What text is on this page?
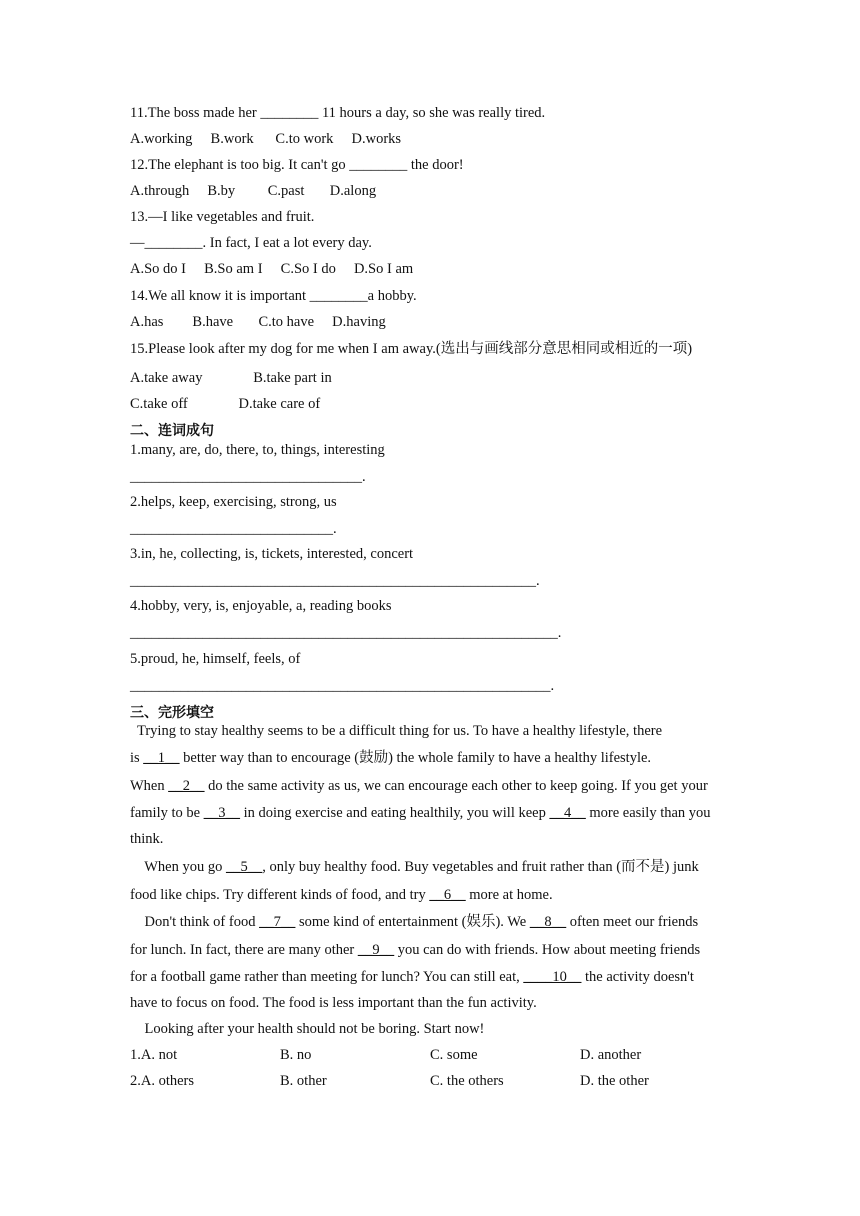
11.The boss made her ________ 11 hours a day, so she was really tired.

A.working     B.work      C.to work     D.works

12.The elephant is too big. It can't go ________ the door!

A.through     B.by         C.past       D.along

13.—I like vegetables and fruit.

—________. In fact, I eat a lot every day.

A.So do I     B.So am I     C.So I do     D.So I am

14.We all know it is important ________a hobby.

A.has        B.have       C.to have     D.having

15.Please look after my dog for me when I am away.(选出与画线部分意思相同或相近的一项)

A.take away              B.take part in

C.take off              D.take care of

二、连词成句

1.many, are, do, there, to, things, interesting

________________________________.

2.helps, keep, exercising, strong, us

____________________________.

3.in, he, collecting, is, tickets, interested, concert

________________________________________________________.

4.hobby, very, is, enjoyable, a, reading books

___________________________________________________________.

5.proud, he, himself, feels, of

__________________________________________________________.

三、完形填空

Trying to stay healthy seems to be a difficult thing for us. To have a healthy lifestyle, there

is __1__ better way than to encourage (鼓励) the whole family to have a healthy lifestyle.

When __2__ do the same activity as us, we can encourage each other to keep going. If you get your

family to be __3__ in doing exercise and eating healthily, you will keep __4__ more easily than you

think.

When you go __5__, only buy healthy food. Buy vegetables and fruit rather than (而不是) junk

food like chips. Try different kinds of food, and try __6__ more at home.

Don't think of food __7__ some kind of entertainment (娱乐). We __8__ often meet our friends

for lunch. In fact, there are many other __9__ you can do with friends. How about meeting friends

for a football game rather than meeting for lunch? You can still eat, ____10__ the activity doesn't

have to focus on food. The food is less important than the fun activity.

Looking after your health should not be boring. Start now!

1.A. not	B. no	C. some	D. another
2.A. others	B. other	C. the others	D. the other
